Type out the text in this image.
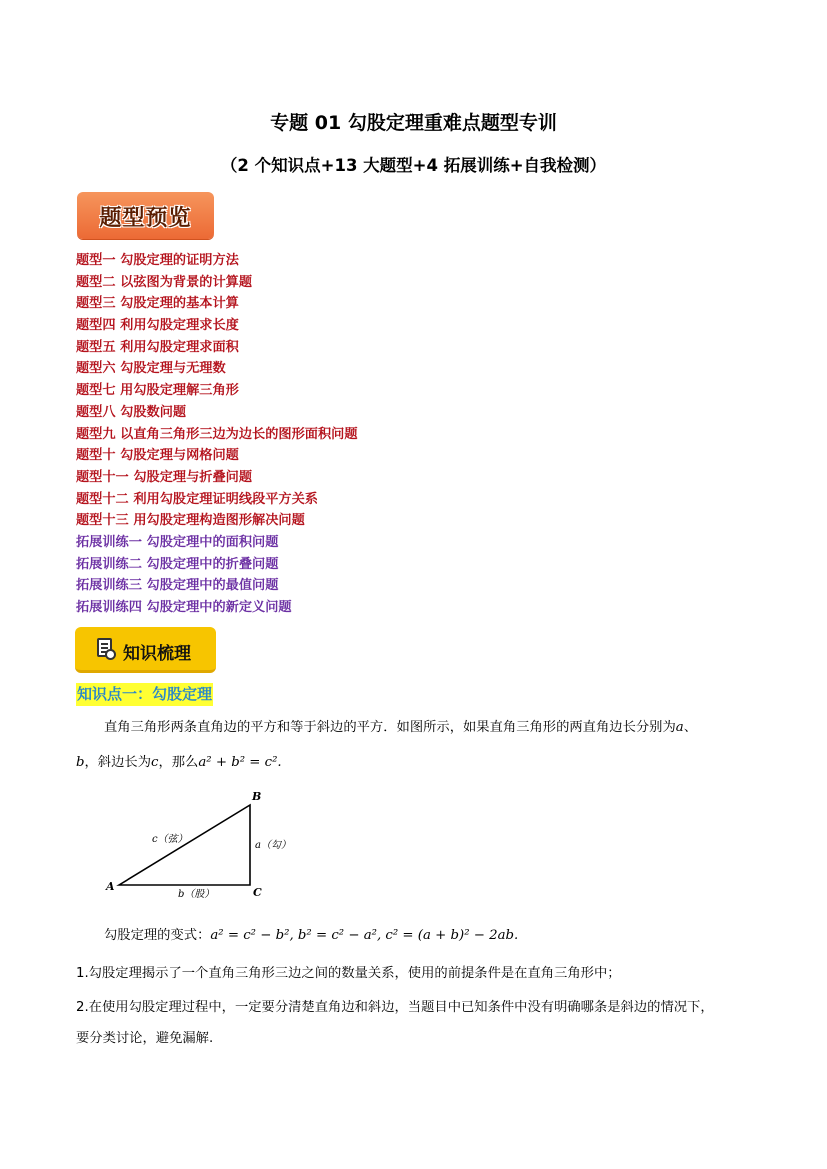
专题 01 勾股定理重难点题型专训
（2 个知识点+13 大题型+4 拓展训练+自我检测）
题型预览
题型一 勾股定理的证明方法
题型二 以弦图为背景的计算题
题型三 勾股定理的基本计算
题型四 利用勾股定理求长度
题型五 利用勾股定理求面积
题型六 勾股定理与无理数
题型七 用勾股定理解三角形
题型八 勾股数问题
题型九 以直角三角形三边为边长的图形面积问题
题型十 勾股定理与网格问题
题型十一 勾股定理与折叠问题
题型十二 利用勾股定理证明线段平方关系
题型十三 用勾股定理构造图形解决问题
拓展训练一 勾股定理中的面积问题
拓展训练二 勾股定理中的折叠问题
拓展训练三 勾股定理中的最值问题
拓展训练四 勾股定理中的新定义问题
知识梳理
知识点一：勾股定理
直角三角形两条直角边的平方和等于斜边的平方．如图所示，如果直角三角形的两直角边长分别为a、
b，斜边长为c，那么a² + b² = c².
A
B
C
c（弦）
a（勾）
b（股）
勾股定理的变式：a² = c² − b², b² = c² − a², c² = (a + b)² − 2ab.
1.勾股定理揭示了一个直角三角形三边之间的数量关系，使用的前提条件是在直角三角形中；
2.在使用勾股定理过程中，一定要分清楚直角边和斜边，当题目中已知条件中没有明确哪条是斜边的情况下，
要分类讨论，避免漏解.
